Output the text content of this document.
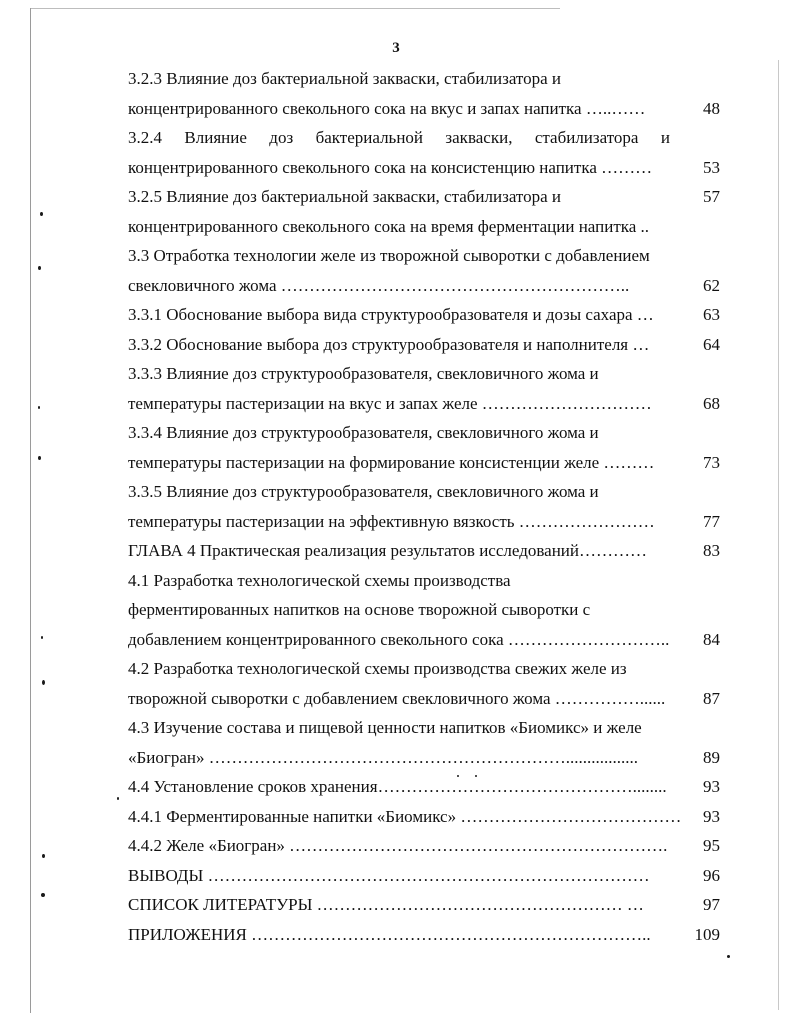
3
3.2.3 Влияние доз бактериальной закваски, стабилизатора и
концентрированного свекольного сока на вкус и запах напитка …..……	48
3.2.4 Влияние доз бактериальной закваски, стабилизатора и
концентрированного свекольного сока на консистенцию напитка ………	53
3.2.5 Влияние доз бактериальной закваски, стабилизатора и	57
концентрированного свекольного сока на время ферментации напитка ..
3.3 Отработка технологии желе из творожной сыворотки с добавлением
свекловичного жома ……………………………………………………..	62
3.3.1 Обоснование выбора вида структурообразователя и дозы сахара …	63
3.3.2 Обоснование выбора доз структурообразователя и наполнителя …	64
3.3.3 Влияние доз структурообразователя, свекловичного жома и
температуры пастеризации на вкус и запах желе …………………………	68
3.3.4 Влияние доз структурообразователя, свекловичного жома и
температуры пастеризации на формирование консистенции желе ………	73
3.3.5 Влияние доз структурообразователя, свекловичного жома и
температуры пастеризации на эффективную вязкость ……………………	77
ГЛАВА 4 Практическая реализация результатов исследований…………	83
4.1 Разработка технологической схемы производства
ферментированных напитков на основе творожной сыворотки с
добавлением концентрированного свекольного сока ………………………..	84
4.2 Разработка технологической схемы производства свежих желе из
творожной сыворотки с добавлением свекловичного жома ……………......	87
4.3 Изучение состава и пищевой ценности напитков «Биомикс» и желе
«Биогран» ……………………………………………………….................	89
4.4 Установление сроков хранения………………………………………........	93
4.4.1 Ферментированные напитки «Биомикс» …………………………………	93
4.4.2 Желе «Биогран» ………………………………………………………….	95
ВЫВОДЫ ……………………………………………………………………	96
СПИСОК ЛИТЕРАТУРЫ ……………………………………………… …	97
ПРИЛОЖЕНИЯ ……………………………………………………………..	109
